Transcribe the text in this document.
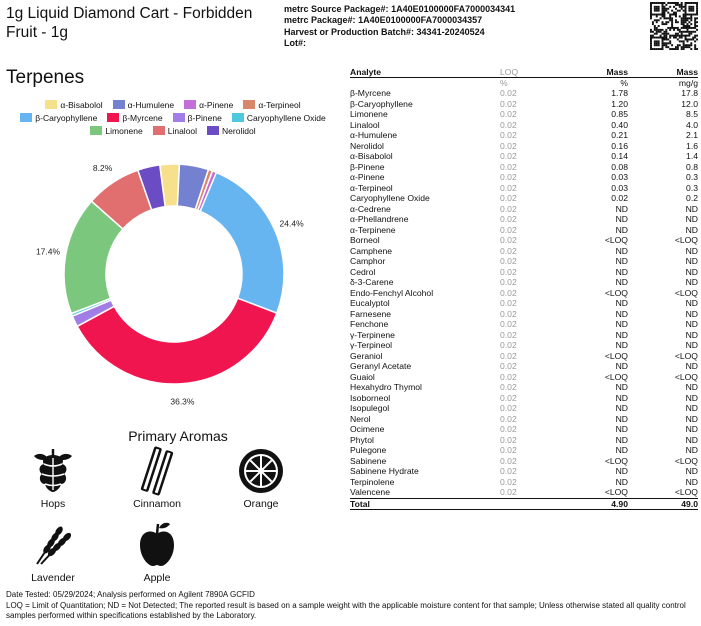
1g Liquid Diamond Cart - Forbidden Fruit - 1g
metrc Source Package#: 1A40E0100000FA7000034341
metrc Package#: 1A40E0100000FA7000034357
Harvest or Production Batch#: 34341-20240524
Lot#:
Terpenes
α-Bisabolol	α-Humulene	α-Pinene	α-Terpineol
β-Caryophyllene	β-Myrcene	β-Pinene	Caryophyllene Oxide
Limonene	Linalool	Nerolidol
24.4%
36.3%
17.4%
8.2%
Primary Aromas
Hops	Cinnamon	Orange
Lavender	Apple
Analyte	LOQ	Mass	Mass
	%	%	mg/g
β-Myrcene	0.02	1.78	17.8
β-Caryophyllene	0.02	1.20	12.0
Limonene	0.02	0.85	8.5
Linalool	0.02	0.40	4.0
α-Humulene	0.02	0.21	2.1
Nerolidol	0.02	0.16	1.6
α-Bisabolol	0.02	0.14	1.4
β-Pinene	0.02	0.08	0.8
α-Pinene	0.02	0.03	0.3
α-Terpineol	0.02	0.03	0.3
Caryophyllene Oxide	0.02	0.02	0.2
α-Cedrene	0.02	ND	ND
α-Phellandrene	0.02	ND	ND
α-Terpinene	0.02	ND	ND
Borneol	0.02	<LOQ	<LOQ
Camphene	0.02	ND	ND
Camphor	0.02	ND	ND
Cedrol	0.02	ND	ND
δ-3-Carene	0.02	ND	ND
Endo-Fenchyl Alcohol	0.02	<LOQ	<LOQ
Eucalyptol	0.02	ND	ND
Farnesene	0.02	ND	ND
Fenchone	0.02	ND	ND
γ-Terpinene	0.02	ND	ND
γ-Terpineol	0.02	ND	ND
Geraniol	0.02	<LOQ	<LOQ
Geranyl Acetate	0.02	ND	ND
Guaiol	0.02	<LOQ	<LOQ
Hexahydro Thymol	0.02	ND	ND
Isoborneol	0.02	ND	ND
Isopulegol	0.02	ND	ND
Nerol	0.02	ND	ND
Ocimene	0.02	ND	ND
Phytol	0.02	ND	ND
Pulegone	0.02	ND	ND
Sabinene	0.02	<LOQ	<LOQ
Sabinene Hydrate	0.02	ND	ND
Terpinolene	0.02	ND	ND
Valencene	0.02	<LOQ	<LOQ
Total		4.90	49.0
Date Tested: 05/29/2024; Analysis performed on Agilent 7890A GCFID
LOQ = Limit of Quantitation; ND = Not Detected; The reported result is based on a sample weight with the applicable moisture content for that sample; Unless otherwise stated all quality control samples performed within specifications established by the Laboratory.
